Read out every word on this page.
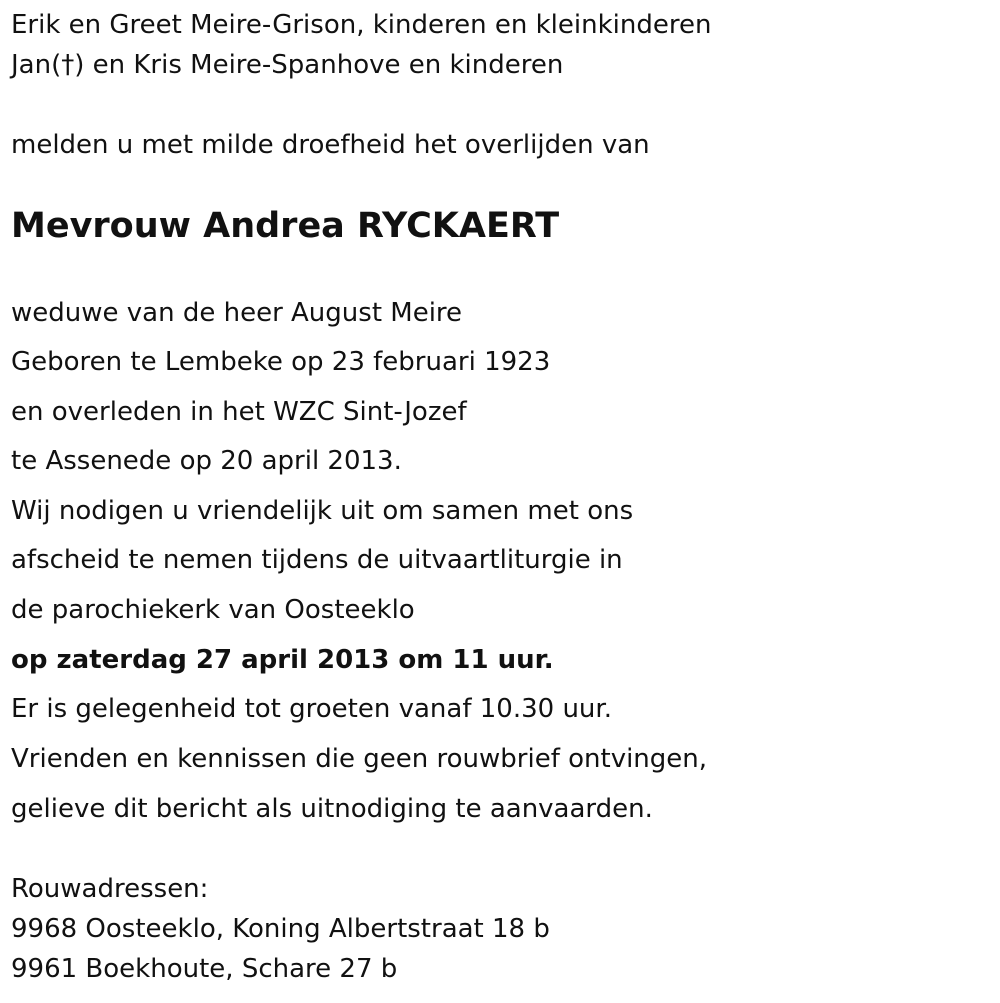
Erik en Greet Meire-Grison, kinderen en kleinkinderen

Jan(†) en Kris Meire-Spanhove en kinderen

melden u met milde droefheid het overlijden van

Mevrouw Andrea RYCKAERT

weduwe van de heer August Meire

Geboren te Lembeke op 23 februari 1923

en overleden in het WZC Sint-Jozef

te Assenede op 20 april 2013.

Wij nodigen u vriendelijk uit om samen met ons

afscheid te nemen tijdens de uitvaartliturgie in

de parochiekerk van Oosteeklo

op zaterdag 27 april 2013 om 11 uur.

Er is gelegenheid tot groeten vanaf 10.30 uur.

Vrienden en kennissen die geen rouwbrief ontvingen,

gelieve dit bericht als uitnodiging te aanvaarden.

Rouwadressen:

9968 Oosteeklo, Koning Albertstraat 18 b

9961 Boekhoute, Schare 27 b
